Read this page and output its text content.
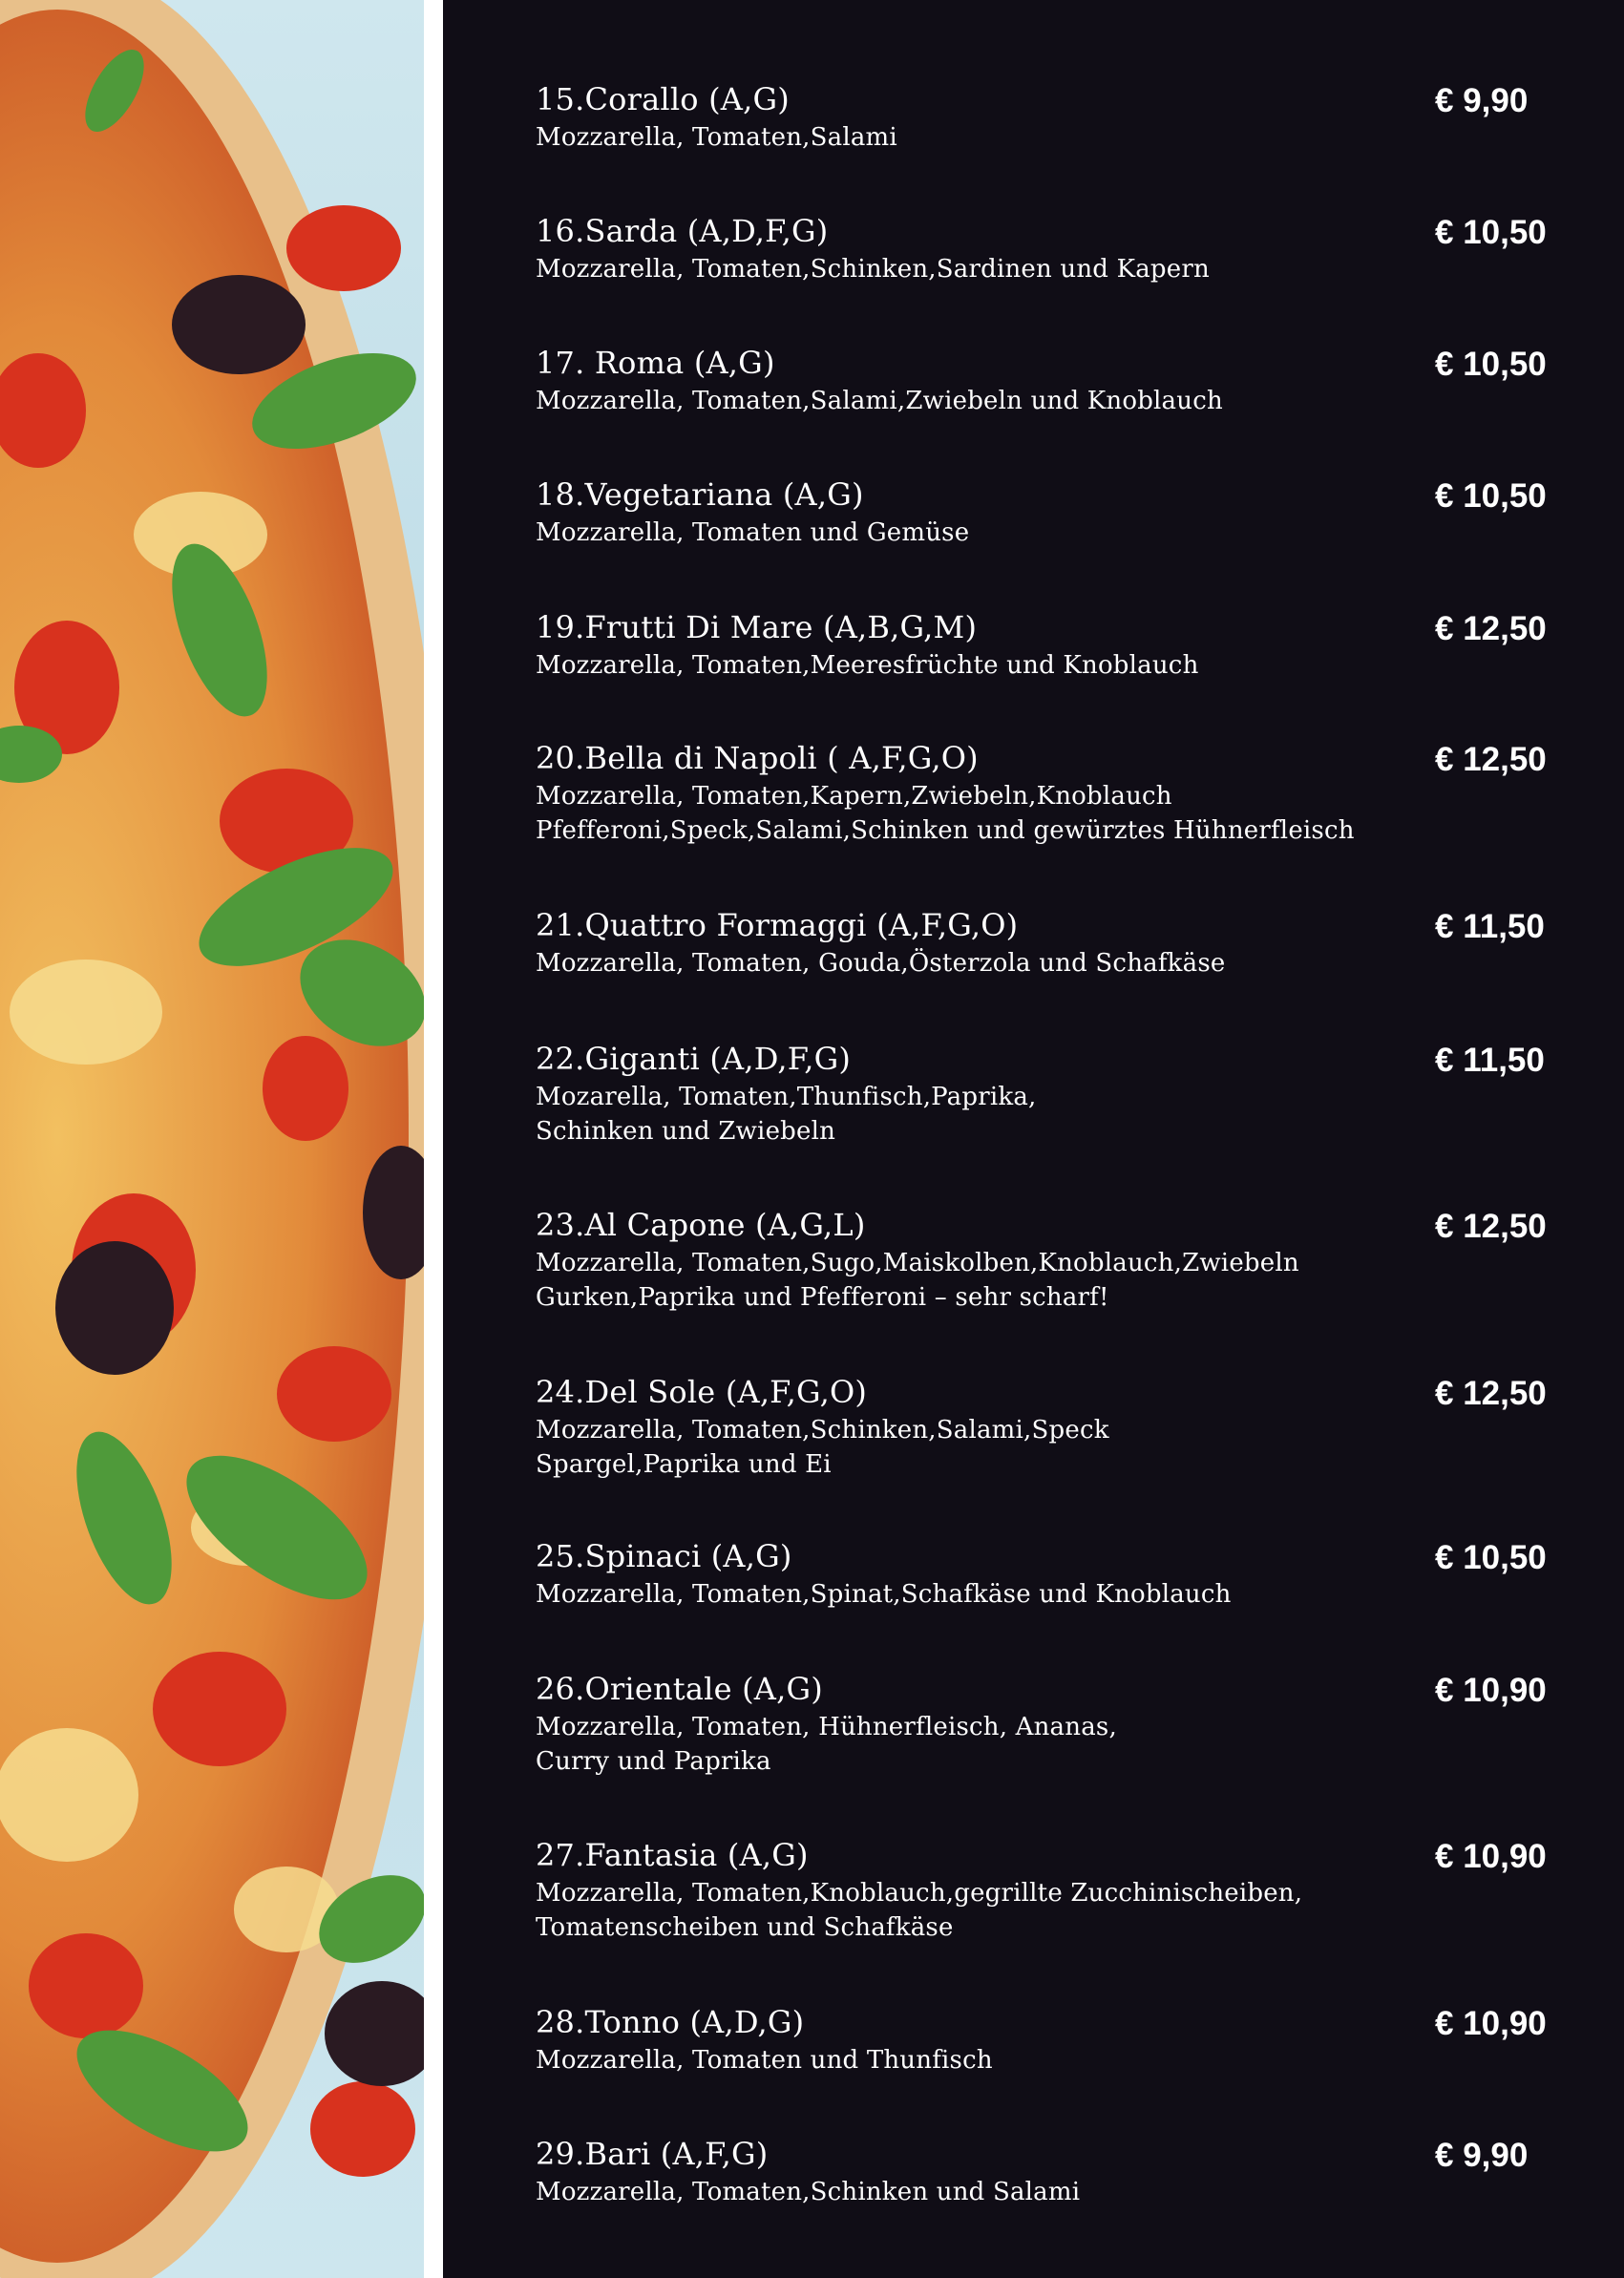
15.Corallo (A,G)
Mozzarella, Tomaten,Salami
€ 9,90
16.Sarda (A,D,F,G)
Mozzarella, Tomaten,Schinken,Sardinen und Kapern
€ 10,50
17. Roma (A,G)
Mozzarella, Tomaten,Salami,Zwiebeln und Knoblauch
€ 10,50
18.Vegetariana (A,G)
Mozzarella, Tomaten und Gemüse
€ 10,50
19.Frutti Di Mare (A,B,G,M)
Mozzarella, Tomaten,Meeresfrüchte und Knoblauch
€ 12,50
20.Bella di Napoli ( A,F,G,O)
Mozzarella, Tomaten,Kapern,Zwiebeln,Knoblauch
Pfefferoni,Speck,Salami,Schinken und gewürztes Hühnerfleisch
€ 12,50
21.Quattro Formaggi (A,F,G,O)
Mozzarella, Tomaten, Gouda,Österzola und Schafkäse
€ 11,50
22.Giganti (A,D,F,G)
Mozarella, Tomaten,Thunfisch,Paprika,
Schinken und Zwiebeln
€ 11,50
23.Al Capone (A,G,L)
Mozzarella, Tomaten,Sugo,Maiskolben,Knoblauch,Zwiebeln
Gurken,Paprika und Pfefferoni – sehr scharf!
€ 12,50
24.Del Sole (A,F,G,O)
Mozzarella, Tomaten,Schinken,Salami,Speck
Spargel,Paprika und Ei
€ 12,50
25.Spinaci (A,G)
Mozzarella, Tomaten,Spinat,Schafkäse und Knoblauch
€ 10,50
26.Orientale (A,G)
Mozzarella, Tomaten, Hühnerfleisch, Ananas,
Curry und Paprika
€ 10,90
27.Fantasia (A,G)
Mozzarella, Tomaten,Knoblauch,gegrillte Zucchinischeiben,
Tomatenscheiben und Schafkäse
€ 10,90
28.Tonno (A,D,G)
Mozzarella, Tomaten und Thunfisch
€ 10,90
29.Bari (A,F,G)
Mozzarella, Tomaten,Schinken und Salami
€ 9,90
